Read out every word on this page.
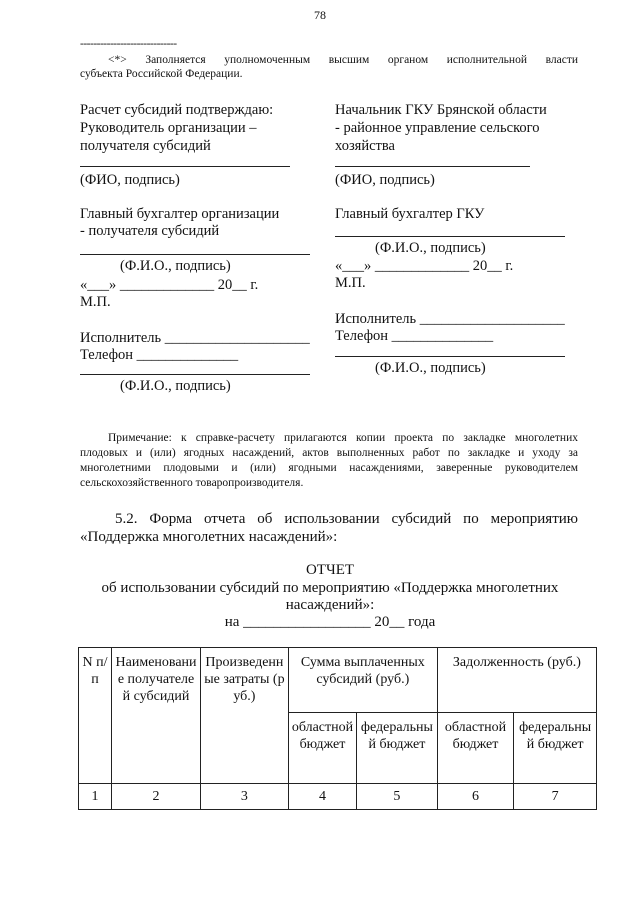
78
-----------------------------
<*> Заполняется уполномоченным высшим органом исполнительной власти
субъекта Российской Федерации.
Расчет субсидий подтверждаю:
Руководитель организации –
получателя субсидий
(ФИО, подпись)
Главный бухгалтер организации
- получателя субсидий
(Ф.И.О., подпись)
«___» _____________ 20__ г.
М.П.
Исполнитель ____________________
Телефон ______________
(Ф.И.О., подпись)
Начальник ГКУ Брянской области
- районное управление сельского
хозяйства
(ФИО, подпись)
Главный бухгалтер ГКУ
(Ф.И.О., подпись)
«___» _____________ 20__ г.
М.П.
Исполнитель ____________________
Телефон ______________
(Ф.И.О., подпись)
Примечание: к справке-расчету прилагаются копии проекта по закладке многолетних
плодовых и (или) ягодных насаждений, актов выполненных работ по закладке и уходу за
многолетними плодовыми и (или) ягодными насаждениями, заверенные руководителем
сельскохозяйственного товаропроизводителя.
5.2. Форма отчета об использовании субсидий по мероприятию
«Поддержка многолетних насаждений»:
ОТЧЕТ
об использовании субсидий по мероприятию «Поддержка многолетних
насаждений»:
на _________________ 20__ года
N п/п	Наименование получателей субсидий	Произведенные затраты (руб.)	Сумма выплаченных субсидий (руб.)		Задолженность (руб.)	
			областной бюджет	федеральный бюджет	областной бюджет	федеральный бюджет
1	2	3	4	5	6	7
